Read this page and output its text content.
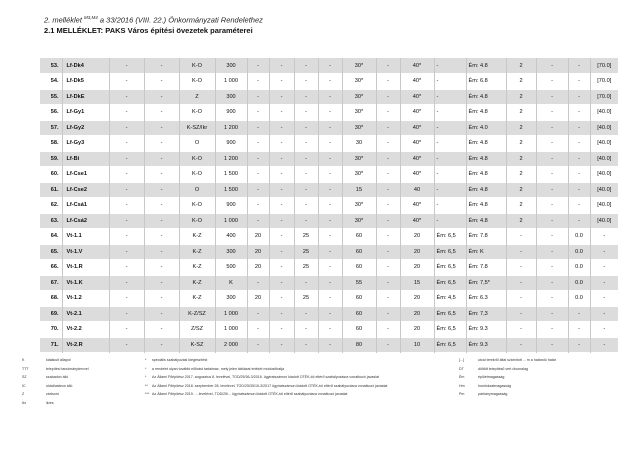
2. melléklet $^{M3,M4}$ a 33/2016 (VIII. 22.) Önkormányzati Rendelethez
2.1 MELLÉKLET: PAKS Város építési övezetek paraméterei
53.	Lf-Dk4	-	-	K-O	300	-	-	-	-	30*	-	40*	-	Ém: 4.8	2	-	-	[70.0]
54.	Lf-Dk5	-	-	K-O	1 000	-	-	-	-	30*	-	40*	-	Ém: 6.8	2	-	-	[70.0]
55.	Lf-DkE	-	-	Z	300	-	-	-	-	30*	-	40*	-	Ém: 4.8	2	-	-	[70.0]
56.	Lf-Gy1	-	-	K-O	900	-	-	-	-	30*	-	40*	-	Ém: 4.8	2	-	-	[40.0]
57.	Lf-Gy2	-	-	K-SZ/Ikr	1 200	-	-	-	-	30*	-	40*	-	Ém: 4.0	2	-	-	[40.0]
58.	Lf-Gy3	-	-	O	900	-	-	-	-	30	-	40*	-	Ém: 4.8	2	-	-	[40.0]
59.	Lf-Bi	-	-	K-O	1 200	-	-	-	-	30*	-	40*	-	Ém: 4.8	2	-	-	[40.0]
60.	Lf-Cse1	-	-	K-O	1 500	-	-	-	-	30*	-	40*	-	Ém: 4.8	2	-	-	[40.0]
61.	Lf-Cse2	-	-	O	1 500	-	-	-	-	15	-	40	-	Ém: 4.8	2	-	-	[40.0]
62.	Lf-Csá1	-	-	K-O	900	-	-	-	-	30*	-	40*	-	Ém: 4.8	2	-	-	[40.0]
63.	Lf-Csá2	-	-	K-O	1 000	-	-	-	-	30*	-	40*	-	Ém: 4.8	2	-	-	[40.0]
64.	Vt-1.1	-	-	K-Z	400	20	-	25	-	60	-	20	Ém: 6,5	Ém: 7.8	-	-	0.0	-
65.	Vt-1.V	-	-	K-Z	300	20	-	25	-	60	-	20	Ém: 6,5	Ém: K	-	-	0.0	-
66.	Vt-1.R	-	-	K-Z	500	20	-	25	-	60	-	20	Ém: 6,5	Ém: 7.8	-	-	0.0	-
67.	Vt-1.K	-	-	K-Z	K	-	-	-	-	55	-	15	Ém: 6,5	Ém: 7,5*	-	-	0.0	-
68.	Vt-1.2	-	-	K-Z	300	20	-	25	-	60	-	20	Ém: 4,5	Ém: 6.3	-	-	0.0	-
69.	Vt-2.1	-	-	K-Z/SZ	1 000	-	-	-	-	60	-	20	Ém: 6,5	Ém: 7,3	-	-	-	-
70.	Vt-2.2	-	-	Z/SZ	1 000	-	-	-	-	60	-	20	Ém: 6,5	Ém: 9.3	-	-	-	-
71.	Vt-2.R	-	-	K-SZ	2 000	-	-	-	-	80	-	10	Ém: 6,5	Ém: 9.3	-	-	-	-
K	kialakult állapot	* speciális szabályozási kiegészítést	[...]	utcai terekről által számított ... m a határoló határ
TTT	telepítési tanulmánytervvel	* a rendelet olyan további előírást tartalmaz, mely jelen táblázat értékét módosíthatja	DT	döltött telepítésű vert útvonalag
SZ	szabadon álló	* Az Állami Főépítész 2017. augusztus 8. levelével, TOD/25/36-3/2016. ügyiratszámon kiadott OTÉK-tól eltérő szabályozásra vonatkozó javaslat	Ém	épületmagasság
IC	oldalhatáron álló	** Az Állami Főépítész 2018. szeptember 28. levelével, TOD/25/35/15-3/2017 ügyiratszámon kiadott OTÉK-tól eltérő szabályozásra vonatkozó javaslat	Hm	homlokzatmagasság
Z	zártsorú	*** Az Állami Főépítész 2019. ... levelével, TOD/25/... ügyiratszámon kiadott OTÉK-tól eltérő szabályozásra vonatkozó javaslat	Pm	párkánymagasság
Ikr	ikres
